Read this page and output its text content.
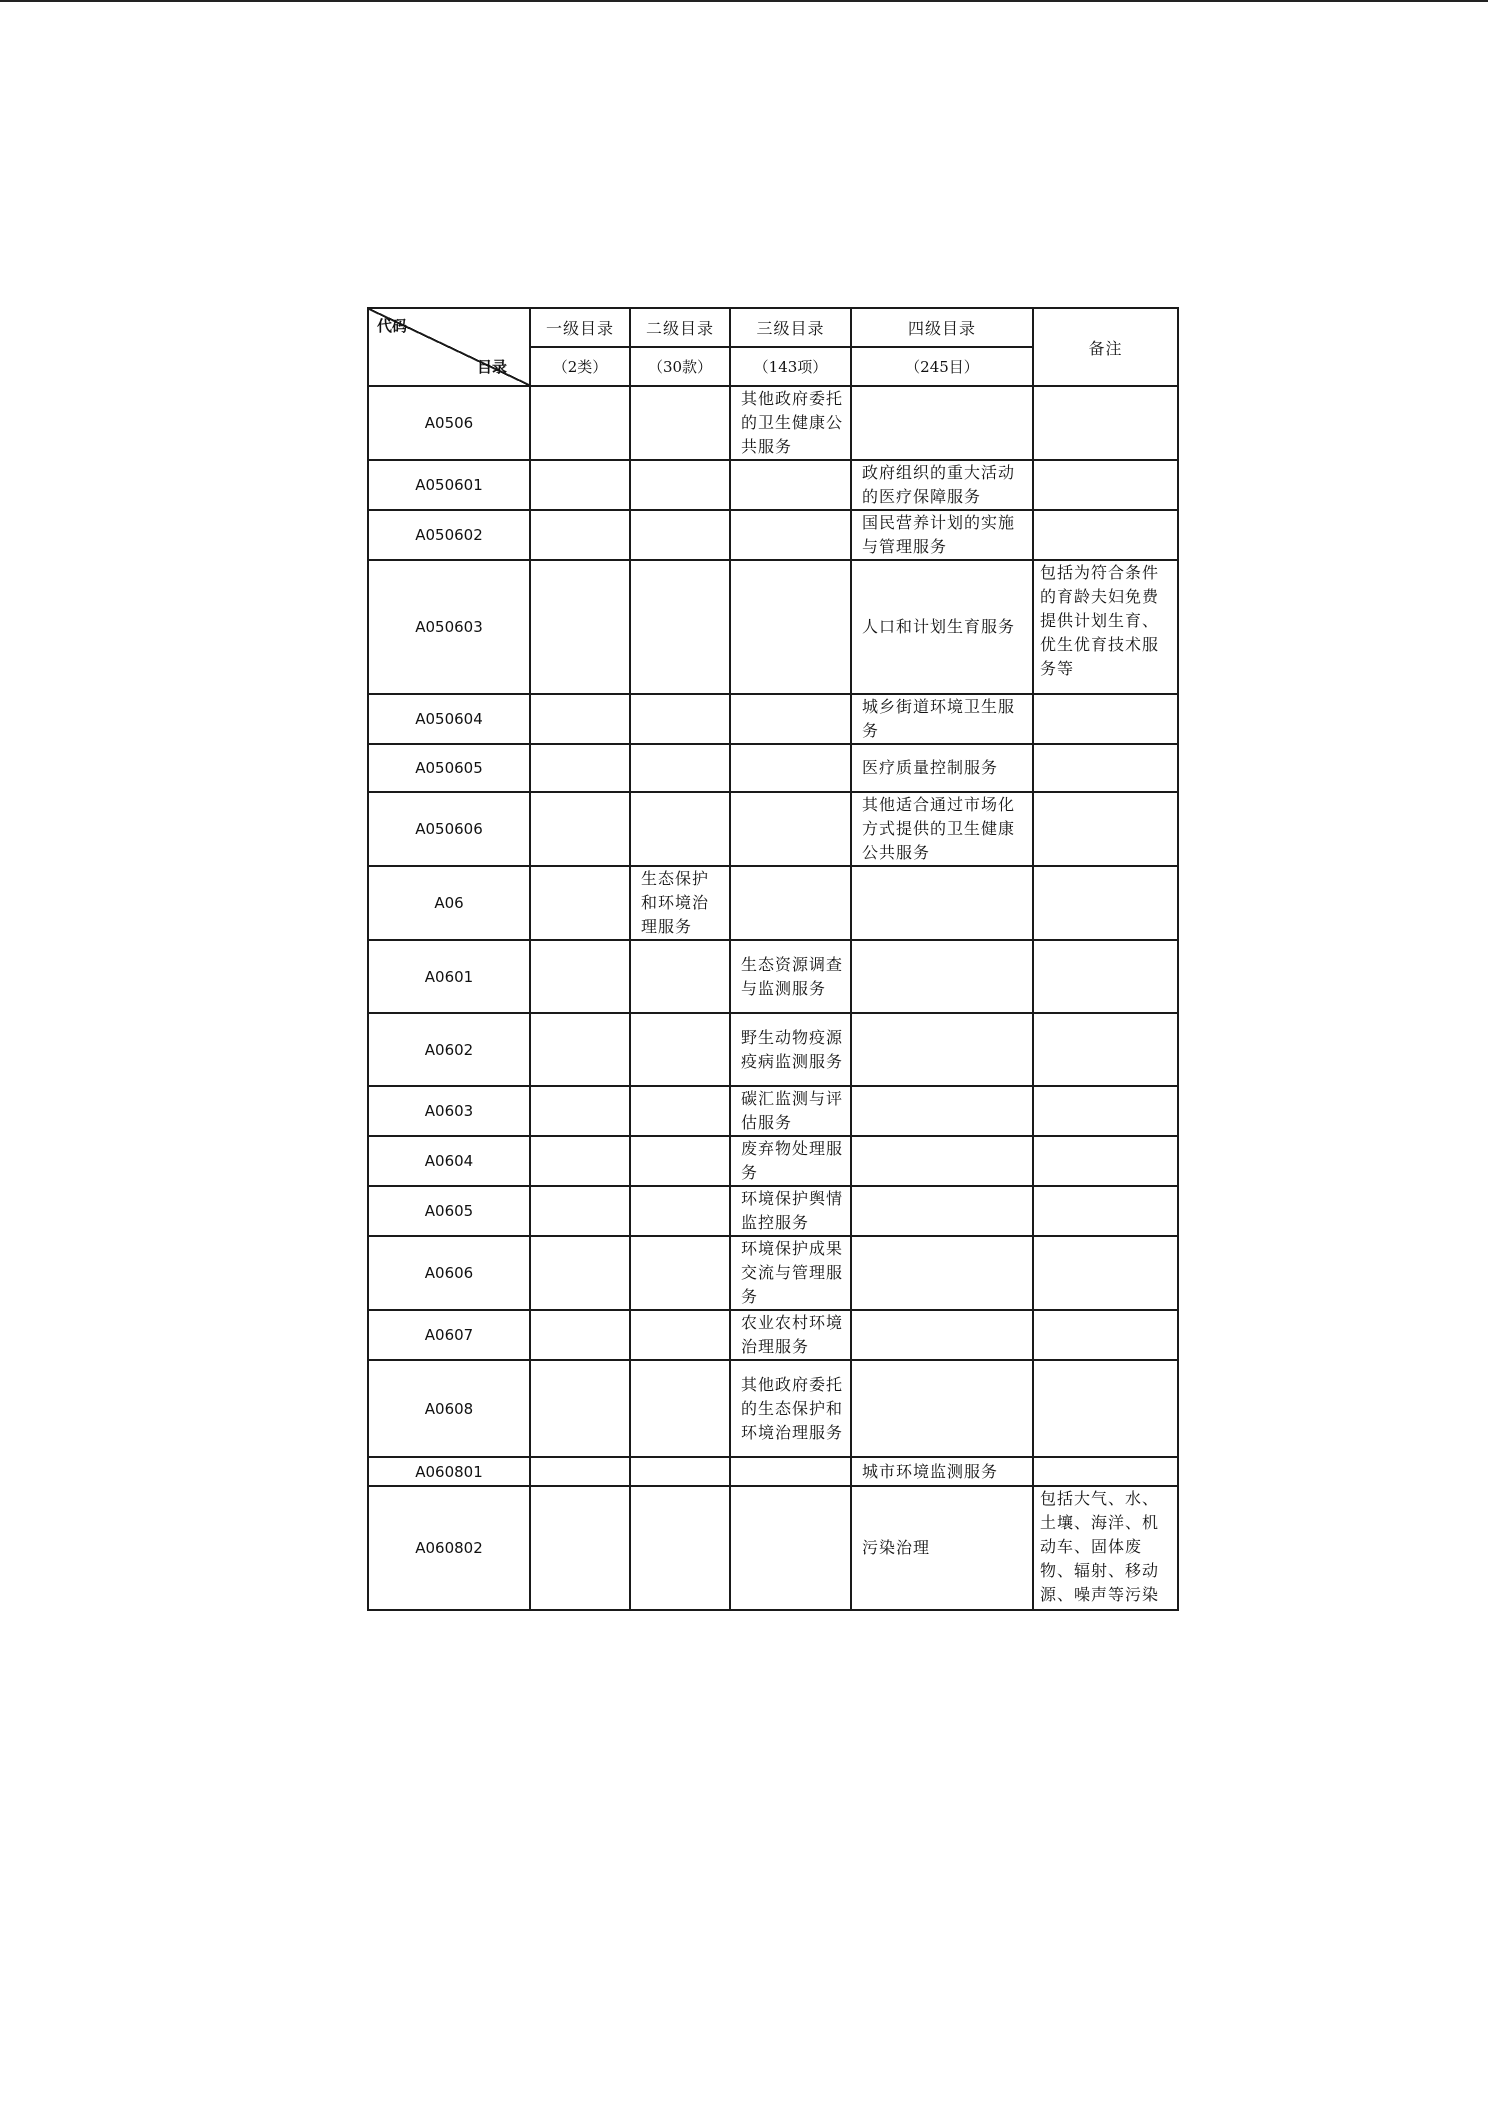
代码
目录	一级目录	二级目录	三级目录	四级目录	备注
	（2类）	（30款）	（143项）	（245目）	
A0506			其他政府委托的卫生健康公共服务		
A050601				政府组织的重大活动的医疗保障服务	
A050602				国民营养计划的实施与管理服务	
A050603				人口和计划生育服务	包括为符合条件的育龄夫妇免费提供计划生育、优生优育技术服务等
A050604				城乡街道环境卫生服务	
A050605				医疗质量控制服务	
A050606				其他适合通过市场化方式提供的卫生健康公共服务	
A06		生态保护和环境治理服务			
A0601			生态资源调查与监测服务		
A0602			野生动物疫源疫病监测服务		
A0603			碳汇监测与评估服务		
A0604			废弃物处理服务		
A0605			环境保护舆情监控服务		
A0606			环境保护成果交流与管理服务		
A0607			农业农村环境治理服务		
A0608			其他政府委托的生态保护和环境治理服务		
A060801				城市环境监测服务	
A060802				污染治理	包括大气、水、土壤、海洋、机动车、固体废物、辐射、移动源、噪声等污染
